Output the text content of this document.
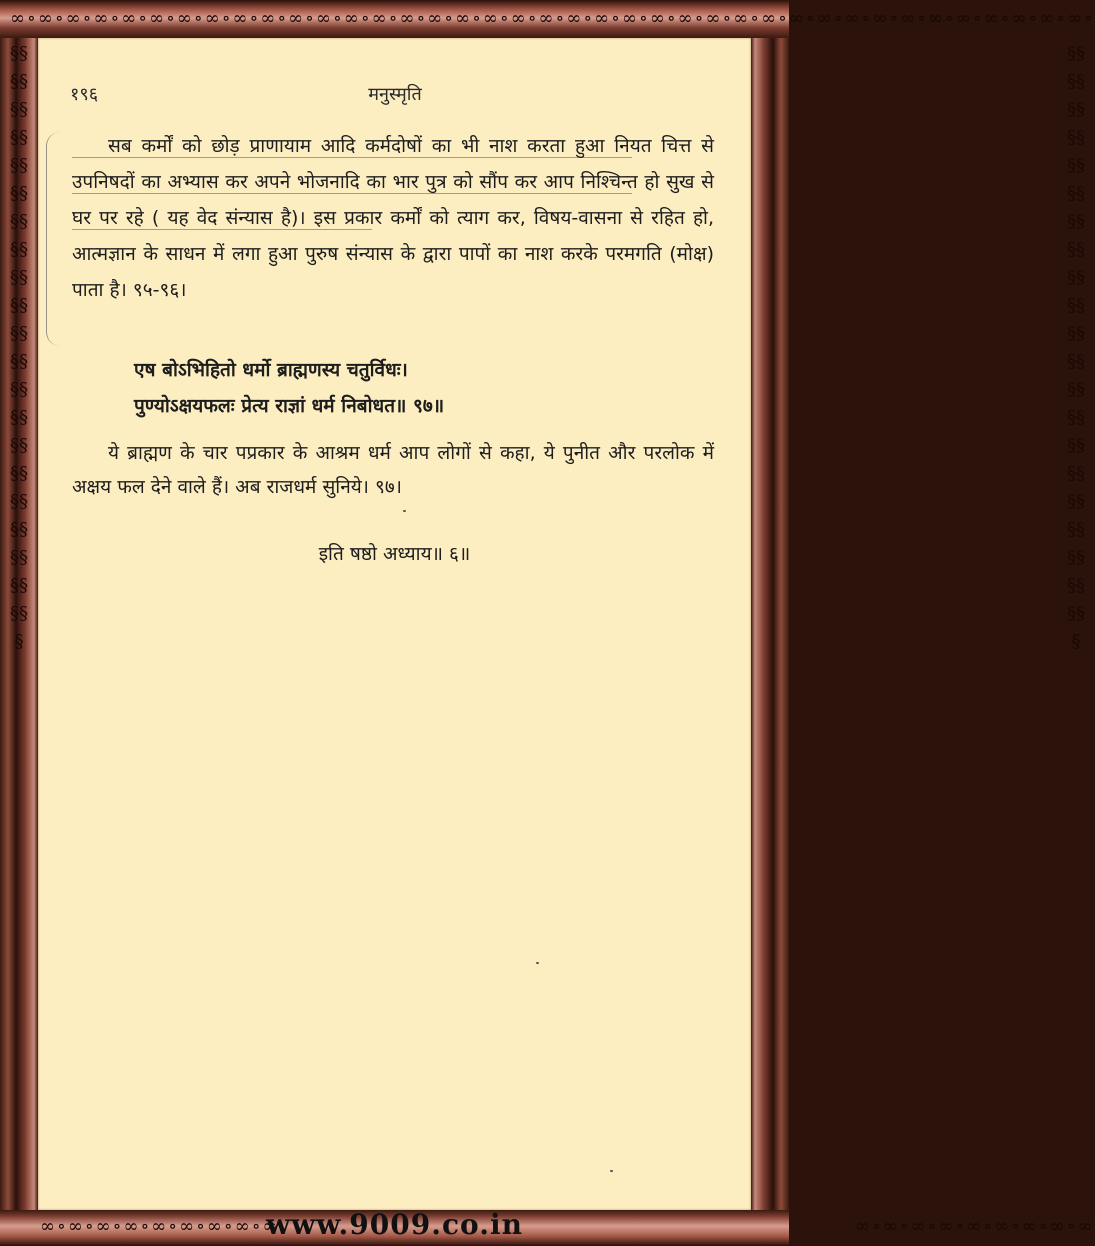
∞∘∞∘∞∘∞∘∞∘∞∘∞∘∞∘∞∘∞∘∞∘∞∘∞∘∞∘∞∘∞∘∞∘∞∘∞∘∞∘∞∘∞∘∞∘∞∘∞∘∞∘∞∘∞∘∞∘∞∘∞∘∞∘∞∘∞∘∞∘∞∘∞∘∞∘∞∘
§§§§§§§§§§§§§§§§§§§§§§§§§§§§§§§§§§§§§§§§§§§
§§§§§§§§§§§§§§§§§§§§§§§§§§§§§§§§§§§§§§§§§§§
१९६	मनुस्मृति
सब कर्मों को छोड़ प्राणायाम आदि कर्मदोषों का भी नाश करता हुआ नियत चित्त से उपनिषदों का अभ्यास कर अपने भोजनादि का भार पुत्र को सौंप कर आप निश्चिन्त हो सुख से घर पर रहे ( यह वेद संन्यास है)। इस प्रकार कर्मों को त्याग कर, विषय-वासना से रहित हो, आत्मज्ञान के साधन में लगा हुआ पुरुष संन्यास के द्वारा पापों का नाश करके परमगति (मोक्ष) पाता है। ९५-९६।
एष बोऽभिहितो धर्मो ब्राह्मणस्य चतुर्विधः।
पुण्योऽक्षयफलः प्रेत्य राज्ञां धर्म निबोधत॥ ९७॥
ये ब्राह्मण के चार पप्रकार के आश्रम धर्म आप लोगों से कहा, ये पुनीत और परलोक में अक्षय फल देने वाले हैं। अब राजधर्म सुनिये। ९७।
इति षष्ठो अध्याय॥ ६॥
∞∘∞∘∞∘∞∘∞∘∞∘∞∘∞∘∞	∞∘∞∘∞∘∞∘∞∘∞∘∞∘∞∘∞
www.9009.co.in
